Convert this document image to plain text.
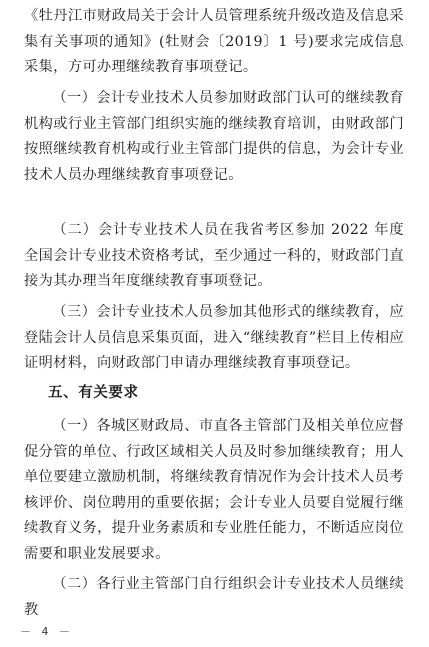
《牡丹江市财政局关于会计人员管理系统升级改造及信息采集有关事项的通知》(牡财会〔2019〕1 号)要求完成信息采集，方可办理继续教育事项登记。

（一）会计专业技术人员参加财政部门认可的继续教育机构或行业主管部门组织实施的继续教育培训，由财政部门按照继续教育机构或行业主管部门提供的信息，为会计专业技术人员办理继续教育事项登记。

（二）会计专业技术人员在我省考区参加 2022 年度全国会计专业技术资格考试，至少通过一科的，财政部门直接为其办理当年度继续教育事项登记。

（三）会计专业技术人员参加其他形式的继续教育，应登陆会计人员信息采集页面，进入“继续教育”栏目上传相应证明材料，向财政部门申请办理继续教育事项登记。

五、有关要求

（一）各城区财政局、市直各主管部门及相关单位应督促分管的单位、行政区域相关人员及时参加继续教育；用人单位要建立激励机制，将继续教育情况作为会计技术人员考核评价、岗位聘用的重要依据；会计专业人员要自觉履行继续教育义务，提升业务素质和专业胜任能力，不断适应岗位需要和职业发展要求。

（二）各行业主管部门自行组织会计专业技术人员继续教

－ 4 －
